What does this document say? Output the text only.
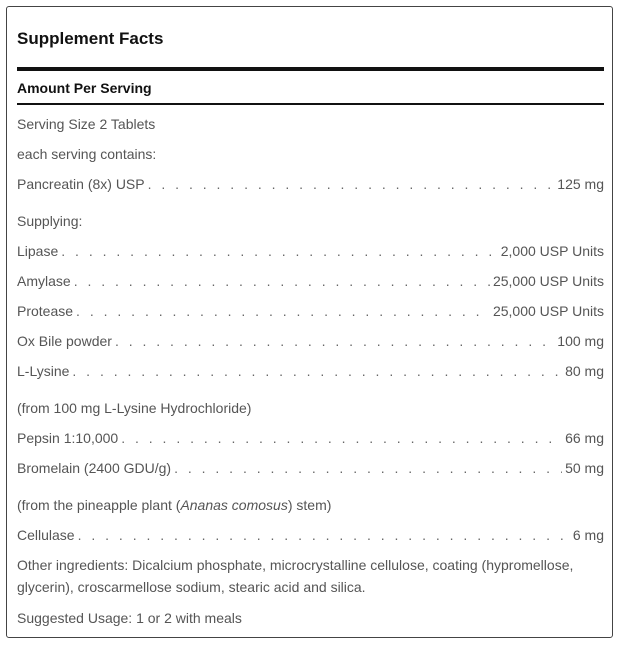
Supplement Facts
Amount Per Serving
Serving Size 2 Tablets
each serving contains:
Pancreatin (8x) USP . . .	125 mg
Supplying:
Lipase . . .	2,000 USP Units
Amylase . . .	25,000 USP Units
Protease . . .	25,000 USP Units
Ox Bile powder . . .	100 mg
L-Lysine . . .	80 mg
(from 100 mg L-Lysine Hydrochloride)
Pepsin 1:10,000 . . .	66 mg
Bromelain (2400 GDU/g) . . .	50 mg
(from the pineapple plant (Ananas comosus) stem)
Cellulase . . .	6 mg
Other ingredients: Dicalcium phosphate, microcrystalline cellulose, coating (hypromellose, glycerin), croscarmellose sodium, stearic acid and silica.
Suggested Usage: 1 or 2 with meals
